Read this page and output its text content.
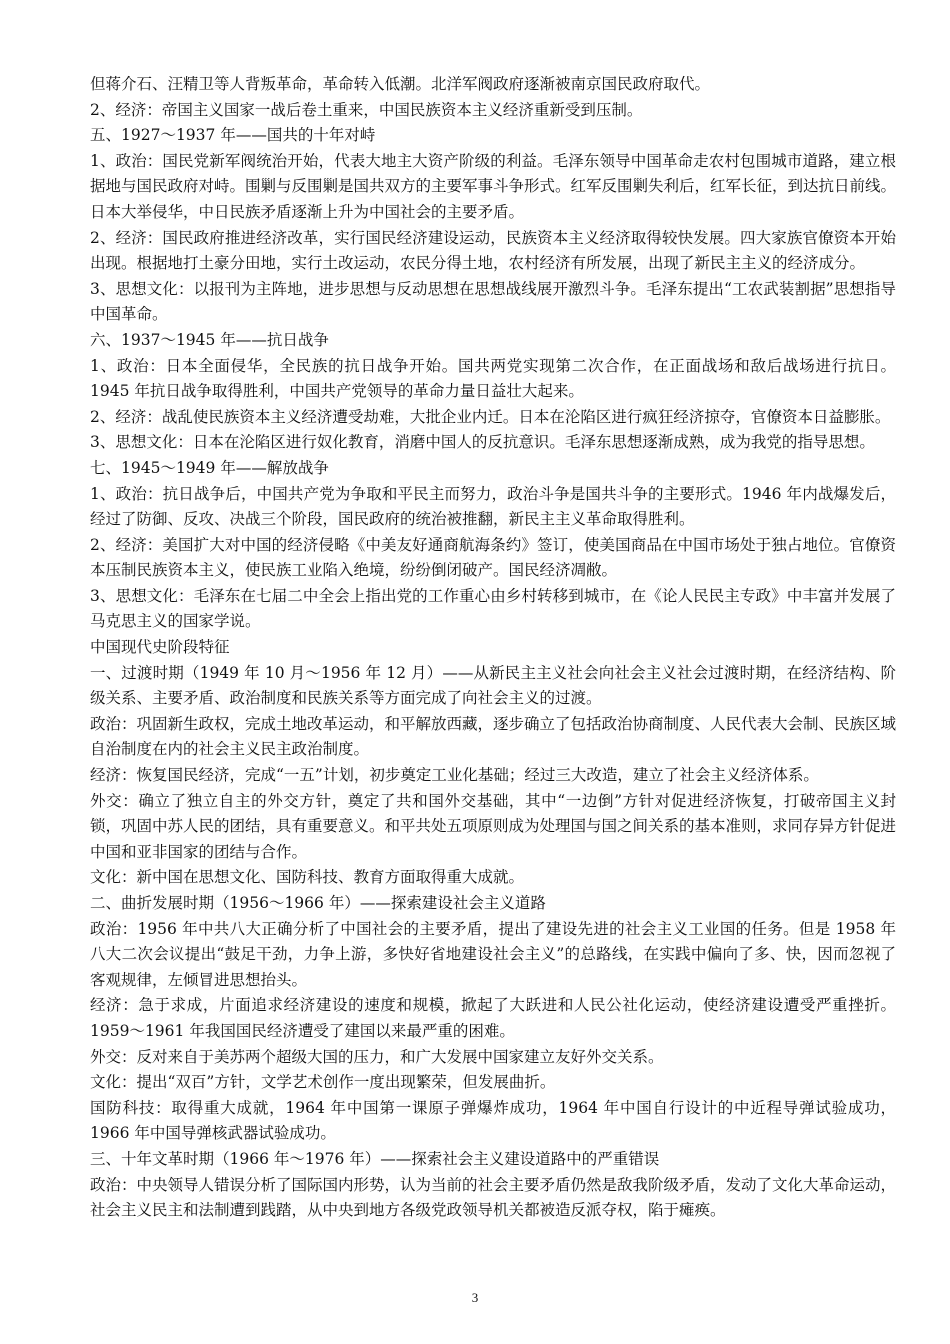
但蒋介石、汪精卫等人背叛革命，革命转入低潮。北洋军阀政府逐渐被南京国民政府取代。

2、经济：帝国主义国家一战后卷土重来，中国民族资本主义经济重新受到压制。

五、1927～1937 年——国共的十年对峙

1、政治：国民党新军阀统治开始，代表大地主大资产阶级的利益。毛泽东领导中国革命走农村包围城市道路，建立根据地与国民政府对峙。围剿与反围剿是国共双方的主要军事斗争形式。红军反围剿失利后，红军长征，到达抗日前线。日本大举侵华，中日民族矛盾逐渐上升为中国社会的主要矛盾。

2、经济：国民政府推进经济改革，实行国民经济建设运动，民族资本主义经济取得较快发展。四大家族官僚资本开始出现。根据地打土豪分田地，实行土改运动，农民分得土地，农村经济有所发展，出现了新民主主义的经济成分。

3、思想文化：以报刊为主阵地，进步思想与反动思想在思想战线展开激烈斗争。毛泽东提出“工农武装割据”思想指导中国革命。

六、1937～1945 年——抗日战争

1、政治：日本全面侵华，全民族的抗日战争开始。国共两党实现第二次合作，在正面战场和敌后战场进行抗日。1945 年抗日战争取得胜利，中国共产党领导的革命力量日益壮大起来。

2、经济：战乱使民族资本主义经济遭受劫难，大批企业内迁。日本在沦陷区进行疯狂经济掠夺，官僚资本日益膨胀。

3、思想文化：日本在沦陷区进行奴化教育，消磨中国人的反抗意识。毛泽东思想逐渐成熟，成为我党的指导思想。

七、1945～1949 年——解放战争

1、政治：抗日战争后，中国共产党为争取和平民主而努力，政治斗争是国共斗争的主要形式。1946 年内战爆发后，经过了防御、反攻、决战三个阶段，国民政府的统治被推翻，新民主主义革命取得胜利。

2、经济：美国扩大对中国的经济侵略《中美友好通商航海条约》签订，使美国商品在中国市场处于独占地位。官僚资本压制民族资本主义，使民族工业陷入绝境，纷纷倒闭破产。国民经济凋敝。

3、思想文化：毛泽东在七届二中全会上指出党的工作重心由乡村转移到城市，在《论人民民主专政》中丰富并发展了马克思主义的国家学说。

中国现代史阶段特征

一、过渡时期（1949 年 10 月～1956 年 12 月）——从新民主主义社会向社会主义社会过渡时期，在经济结构、阶级关系、主要矛盾、政治制度和民族关系等方面完成了向社会主义的过渡。

政治：巩固新生政权，完成土地改革运动，和平解放西藏，逐步确立了包括政治协商制度、人民代表大会制、民族区域自治制度在内的社会主义民主政治制度。

经济：恢复国民经济，完成“一五”计划，初步奠定工业化基础；经过三大改造，建立了社会主义经济体系。

外交：确立了独立自主的外交方针，奠定了共和国外交基础，其中“一边倒”方针对促进经济恢复，打破帝国主义封锁，巩固中苏人民的团结，具有重要意义。和平共处五项原则成为处理国与国之间关系的基本准则，求同存异方针促进中国和亚非国家的团结与合作。

文化：新中国在思想文化、国防科技、教育方面取得重大成就。

二、曲折发展时期（1956～1966 年）——探索建设社会主义道路

政治：1956 年中共八大正确分析了中国社会的主要矛盾，提出了建设先进的社会主义工业国的任务。但是 1958 年八大二次会议提出“鼓足干劲，力争上游，多快好省地建设社会主义”的总路线，在实践中偏向了多、快，因而忽视了客观规律，左倾冒进思想抬头。

经济：急于求成，片面追求经济建设的速度和规模，掀起了大跃进和人民公社化运动，使经济建设遭受严重挫折。1959～1961 年我国国民经济遭受了建国以来最严重的困难。

外交：反对来自于美苏两个超级大国的压力，和广大发展中国家建立友好外交关系。

文化：提出“双百”方针，文学艺术创作一度出现繁荣，但发展曲折。

国防科技：取得重大成就，1964 年中国第一课原子弹爆炸成功，1964 年中国自行设计的中近程导弹试验成功，1966 年中国导弹核武器试验成功。

三、十年文革时期（1966 年～1976 年）——探索社会主义建设道路中的严重错误

政治：中央领导人错误分析了国际国内形势，认为当前的社会主要矛盾仍然是敌我阶级矛盾，发动了文化大革命运动，社会主义民主和法制遭到践踏，从中央到地方各级党政领导机关都被造反派夺权，陷于瘫痪。

3
